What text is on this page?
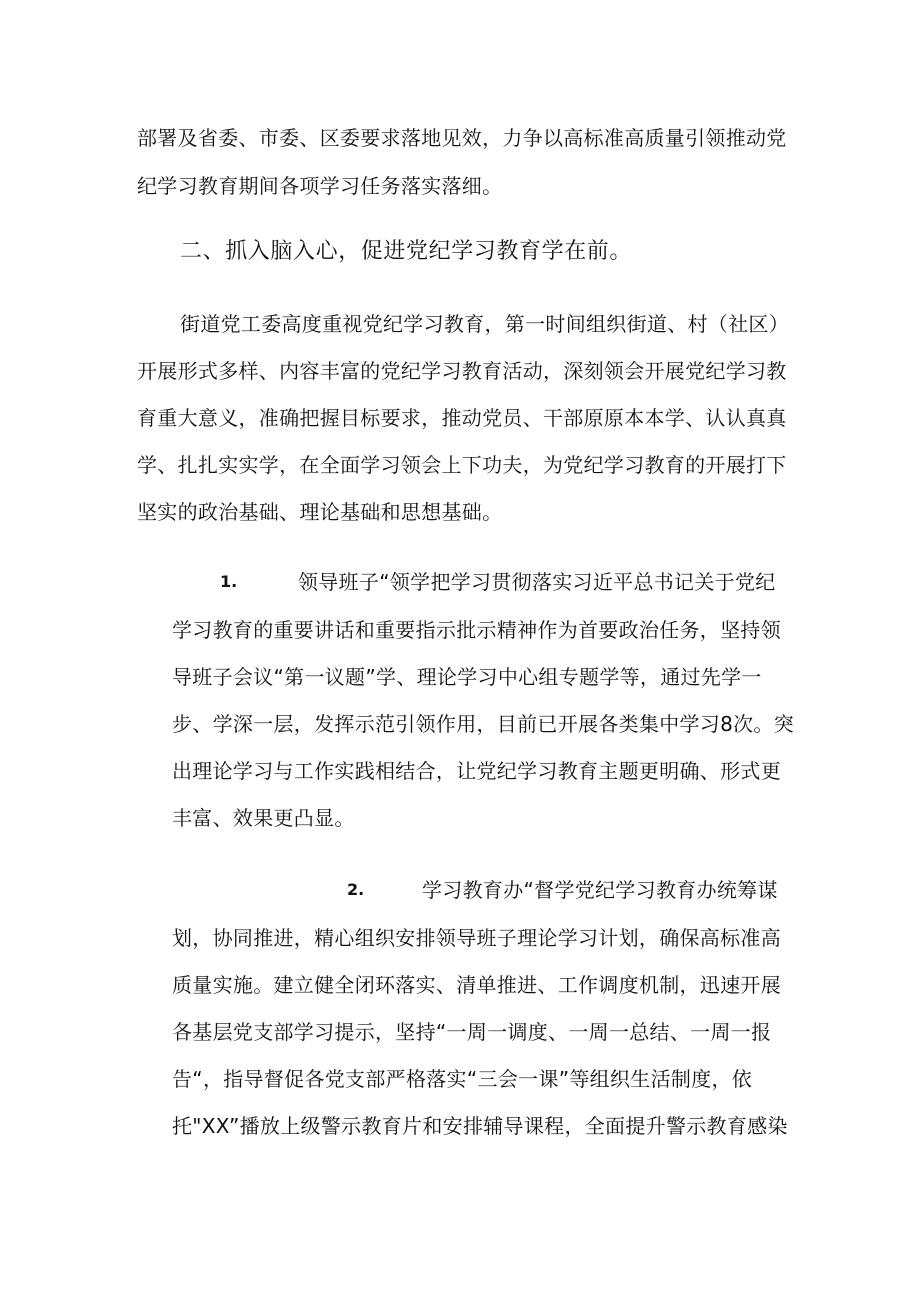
部署及省委、市委、区委要求落地见效，力争以高标准高质量引领推动党

纪学习教育期间各项学习任务落实落细。

二、抓入脑入心，促进党纪学习教育学在前。

街道党工委高度重视党纪学习教育，第一时间组织街道、村（社区）

开展形式多样、内容丰富的党纪学习教育活动，深刻领会开展党纪学习教

育重大意义，准确把握目标要求，推动党员、干部原原本本学、认认真真

学、扎扎实实学，在全面学习领会上下功夫，为党纪学习教育的开展打下

坚实的政治基础、理论基础和思想基础。

1.	领导班子“领学把学习贯彻落实习近平总书记关于党纪

学习教育的重要讲话和重要指示批示精神作为首要政治任务，坚持领

导班子会议“第一议题”学、理论学习中心组专题学等，通过先学一

步、学深一层，发挥示范引领作用，目前已开展各类集中学习8次。突

出理论学习与工作实践相结合，让党纪学习教育主题更明确、形式更

丰富、效果更凸显。

2.	学习教育办“督学党纪学习教育办统筹谋

划，协同推进，精心组织安排领导班子理论学习计划，确保高标准高

质量实施。建立健全闭环落实、清单推进、工作调度机制，迅速开展

各基层党支部学习提示，坚持“一周一调度、一周一总结、一周一报

告“，指导督促各党支部严格落实“三会一课”等组织生活制度，依

托"XX”播放上级警示教育片和安排辅导课程，全面提升警示教育感染
